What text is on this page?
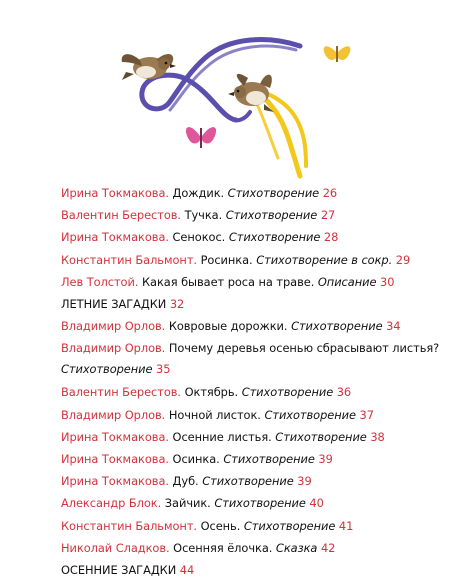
Ирина Токмакова. Дождик. Стихотворение 26
Валентин Берестов. Тучка. Стихотворение 27
Ирина Токмакова. Сенокос. Стихотворение 28
Константин Бальмонт. Росинка. Стихотворение в сокр. 29
Лев Толстой. Какая бывает роса на траве. Описание 30
ЛЕТНИЕ ЗАГАДКИ 32
Владимир Орлов. Ковровые дорожки. Стихотворение 34
Владимир Орлов. Почему деревья осенью сбрасывают листья? Стихотворение 35
Валентин Берестов. Октябрь. Стихотворение 36
Владимир Орлов. Ночной листок. Стихотворение 37
Ирина Токмакова. Осенние листья. Стихотворение 38
Ирина Токмакова. Осинка. Стихотворение 39
Ирина Токмакова. Дуб. Стихотворение 39
Александр Блок. Зайчик. Стихотворение 40
Константин Бальмонт. Осень. Стихотворение 41
Николай Сладков. Осенняя ёлочка. Сказка 42
ОСЕННИЕ ЗАГАДКИ 44
